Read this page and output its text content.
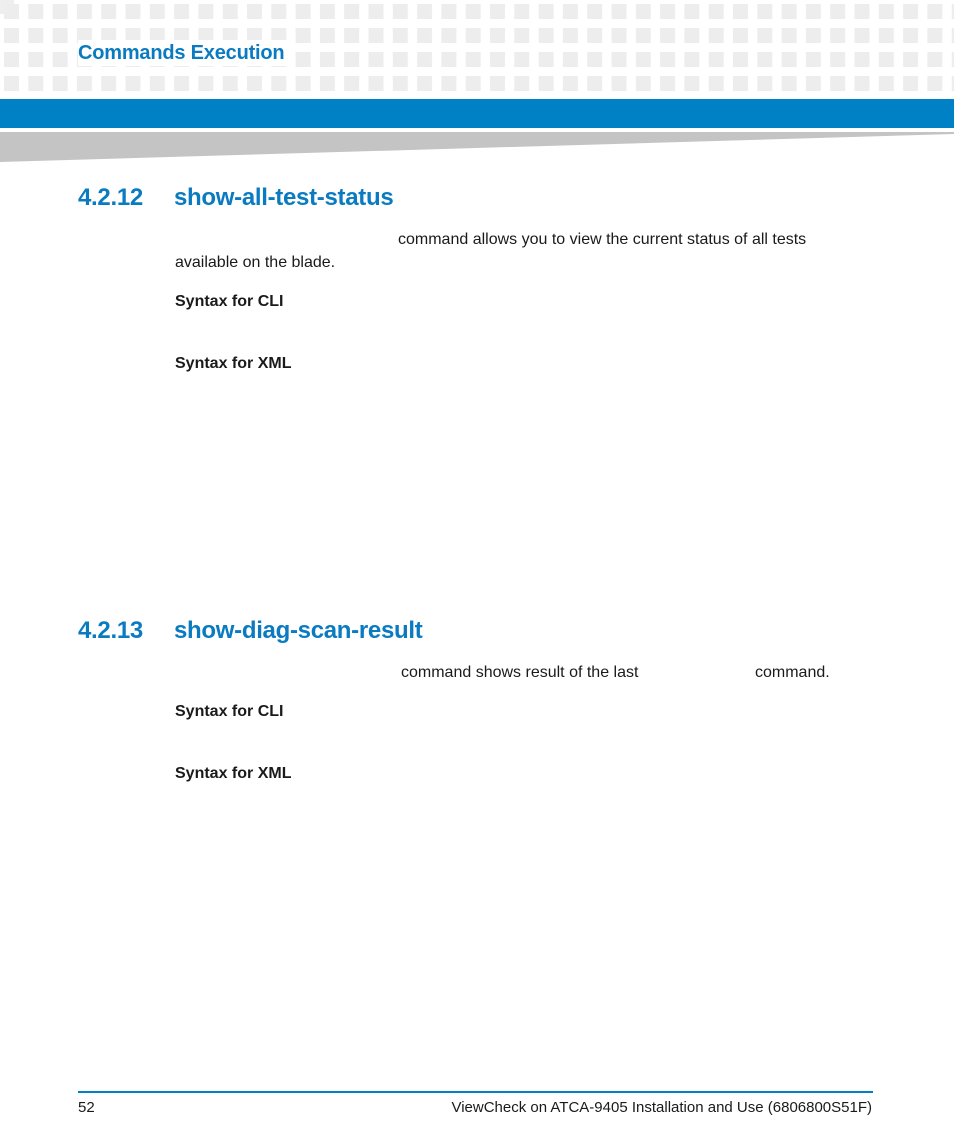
Commands Execution
4.2.12 show-all-test-status
command allows you to view the current status of all tests
available on the blade.
Syntax for CLI
Syntax for XML
4.2.13 show-diag-scan-result
command shows result of the last	command.
Syntax for CLI
Syntax for XML
52	ViewCheck on ATCA-9405 Installation and Use (6806800S51F)
